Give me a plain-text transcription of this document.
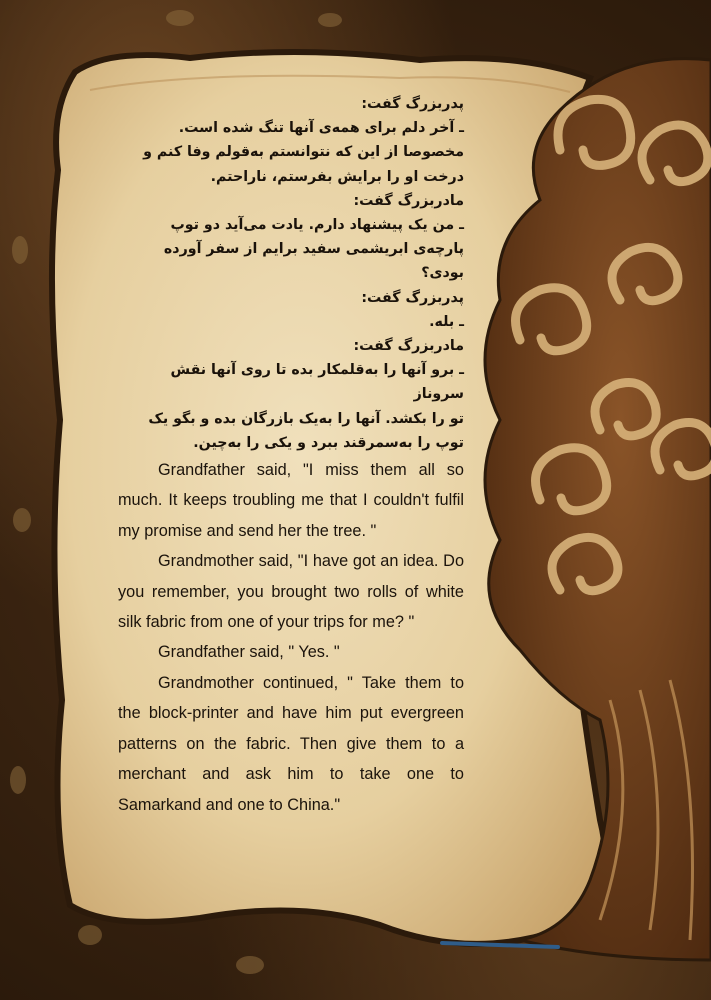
پدربزرگ گفت:

ـ آخر دلم برای همه‌ی آنها تنگ شده است.

مخصوصا از این که نتوانستم به‌قولم وفا کنم و

درخت او را برایش بفرستم، ناراحتم.

مادربزرگ گفت:

ـ من یک پیشنهاد دارم. یادت می‌آید دو توپ

پارچه‌ی ابریشمی سفید برایم از سفر آورده بودی؟

پدربزرگ گفت:

ـ بله.

مادربزرگ گفت:

ـ برو آنها را به‌قلمکار بده تا روی آنها نقش سروناز

تو را بکشد. آنها را به‌یک بازرگان بده و بگو یک

توپ را به‌سمرقند ببرد و یکی را به‌چین.

Grandfather said, "I miss them all so much. It keeps troubling me that I couldn't fulfil my promise and send her the tree. "

Grandmother said, "I have got an idea. Do you remember, you brought two rolls of white silk fabric from one of your trips for me? "

Grandfather said, " Yes. "

Grandmother continued, " Take them to the block-printer and have him put evergreen patterns on the fabric. Then give them to a merchant and ask him to take one to Samarkand and one to China."
